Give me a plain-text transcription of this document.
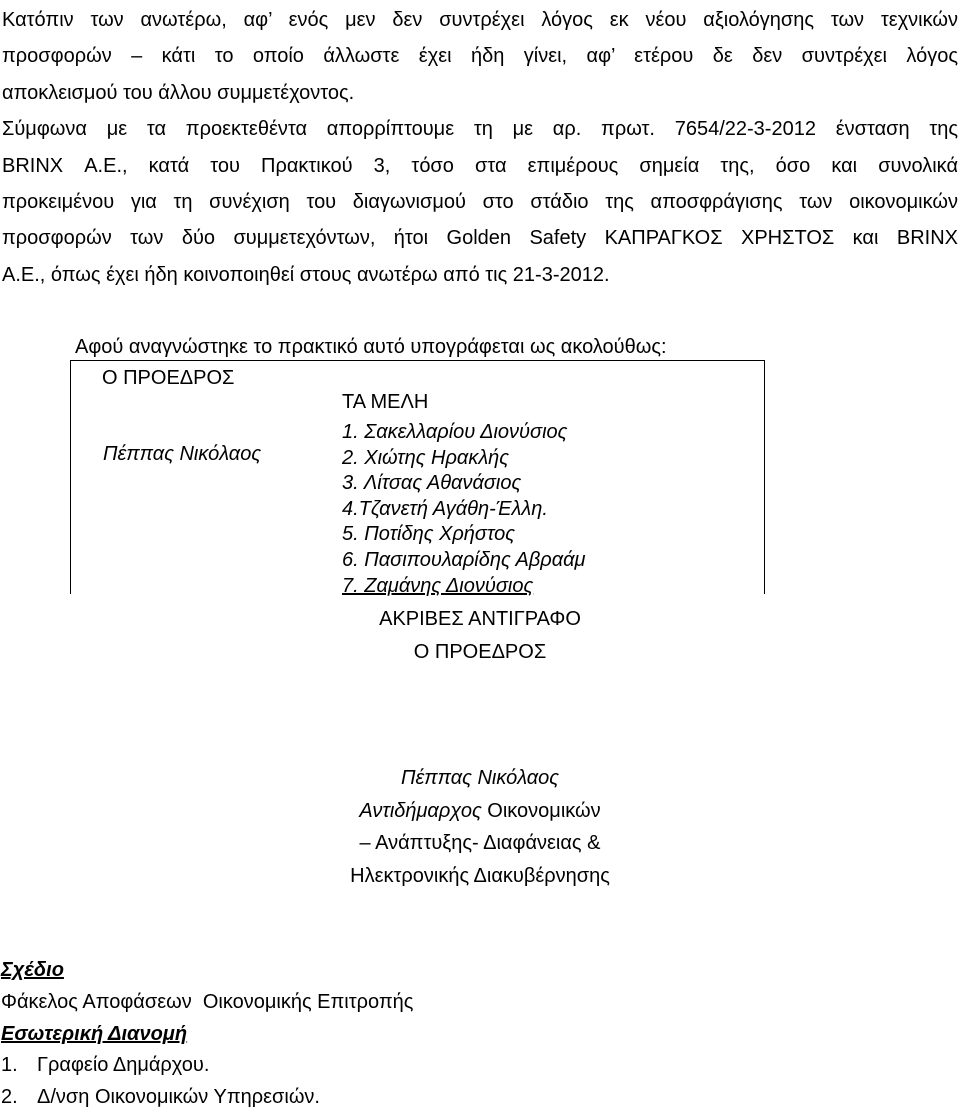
Κατόπιν των ανωτέρω, αφ’ ενός μεν δεν συντρέχει λόγος εκ νέου αξιολόγησης των τεχνικών
προσφορών – κάτι το οποίο άλλωστε έχει ήδη γίνει, αφ’ ετέρου δε δεν συντρέχει λόγος
αποκλεισμού του άλλου συμμετέχοντος.
Σύμφωνα με τα προεκτεθέντα απορρίπτουμε τη με αρ. πρωτ. 7654/22-3-2012 ένσταση της
BRINX Α.Ε., κατά του Πρακτικού 3, τόσο στα επιμέρους σημεία της, όσο και συνολικά
προκειμένου για τη συνέχιση του διαγωνισμού στο στάδιο της αποσφράγισης των οικονομικών
προσφορών των δύο συμμετεχόντων, ήτοι Golden Safety ΚΑΠΡΑΓΚΟΣ ΧΡΗΣΤΟΣ και BRINX
Α.Ε., όπως έχει ήδη κοινοποιηθεί στους ανωτέρω από τις 21-3-2012.

Αφού αναγνώστηκε το πρακτικό αυτό υπογράφεται ως ακολούθως:
Ο ΠΡΟΕΔΡΟΣ
Πέππας Νικόλαος
ΤΑ ΜΕΛΗ
1. Σακελλαρίου Διονύσιος
2. Χιώτης Ηρακλής
3. Λίτσας Αθανάσιος
4.Τζανετή Αγάθη-Έλλη.
5. Ποτίδης Χρήστος
6. Πασιπουλαρίδης Αβραάμ
7. Ζαμάνης Διονύσιος
ΑΚΡΙΒΕΣ ΑΝΤΙΓΡΑΦΟ
Ο ΠΡΟΕΔΡΟΣ
Πέππας Νικόλαος
Αντιδήμαρχος Οικονομικών
– Ανάπτυξης- Διαφάνειας &
Ηλεκτρονικής Διακυβέρνησης
Σχέδιο
Φάκελος Αποφάσεων  Οικονομικής Επιτροπής
Εσωτερική Διανομή
1. Γραφείο Δημάρχου.
2. Δ/νση Οικονομικών Υπηρεσιών.
